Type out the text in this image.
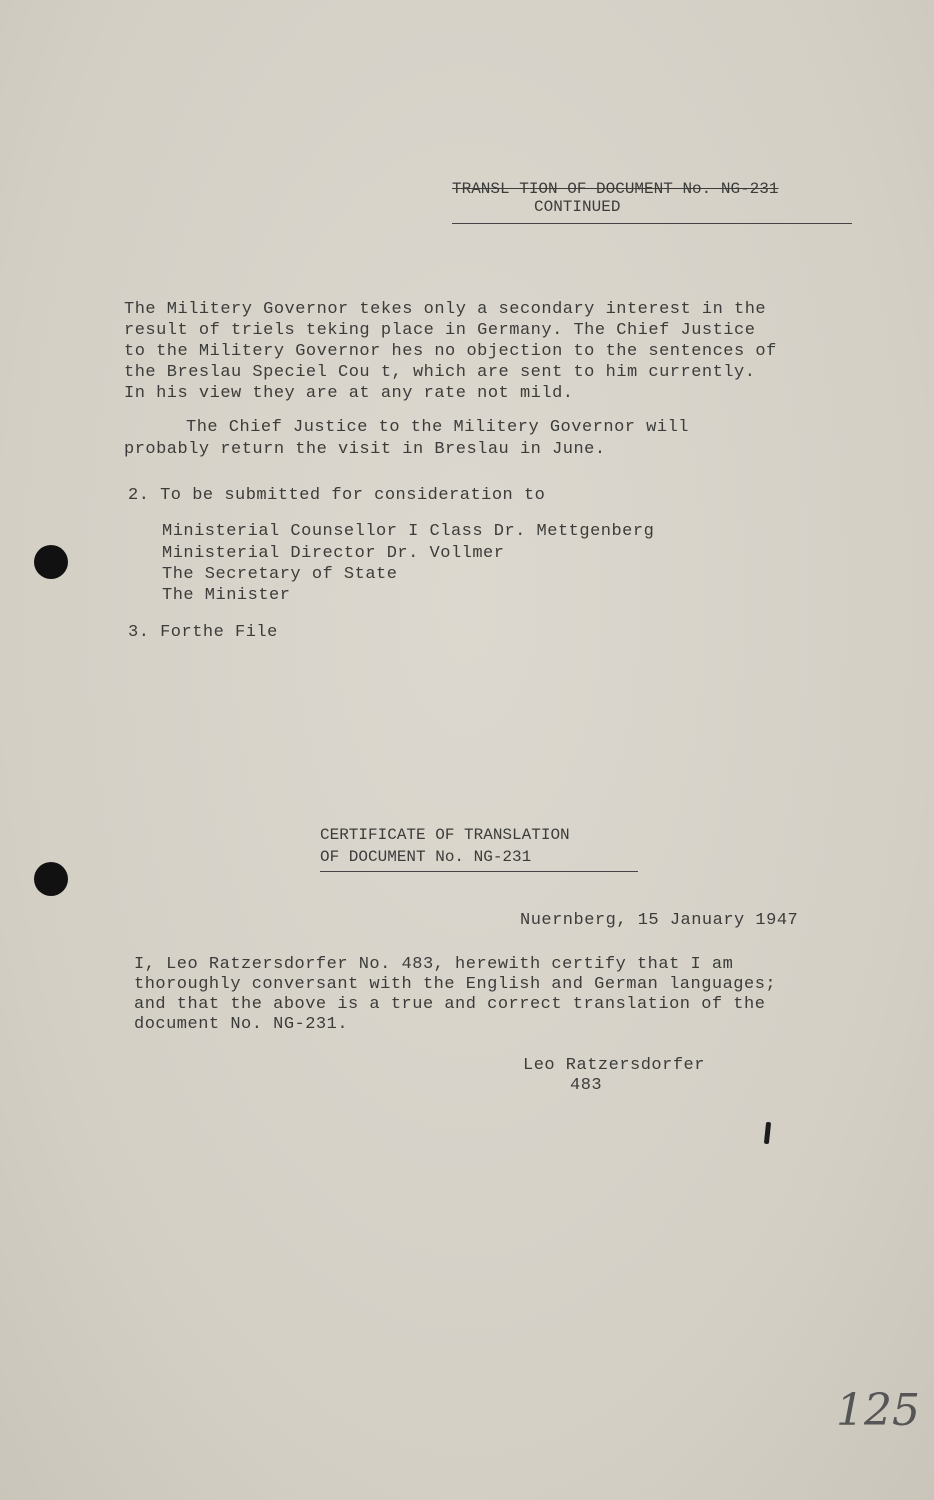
TRANSL TION OF DOCUMENT No. NG-231
CONTINUED
The Militery Governor tekes only a secondary interest in the
result of triels teking place in Germany. The Chief Justice
to the Militery Governor hes no objection to the sentences of
the Breslau Speciel Cou t, which are sent to him currently.
In his view they are at any rate not mild.
The Chief Justice to the Militery Governor will
probably return the visit in Breslau in June.
2. To be submitted for consideration to
Ministerial Counsellor I Class Dr. Mettgenberg
Ministerial Director Dr. Vollmer
The Secretary of State
The Minister
3. Forthe File
CERTIFICATE OF TRANSLATION
OF DOCUMENT No. NG-231
Nuernberg, 15 January 1947
I, Leo Ratzersdorfer No. 483, herewith certify that I am
thoroughly conversant with the English and German languages;
and that the above is a true and correct translation of the
document No. NG-231.
Leo Ratzersdorfer
483
125
